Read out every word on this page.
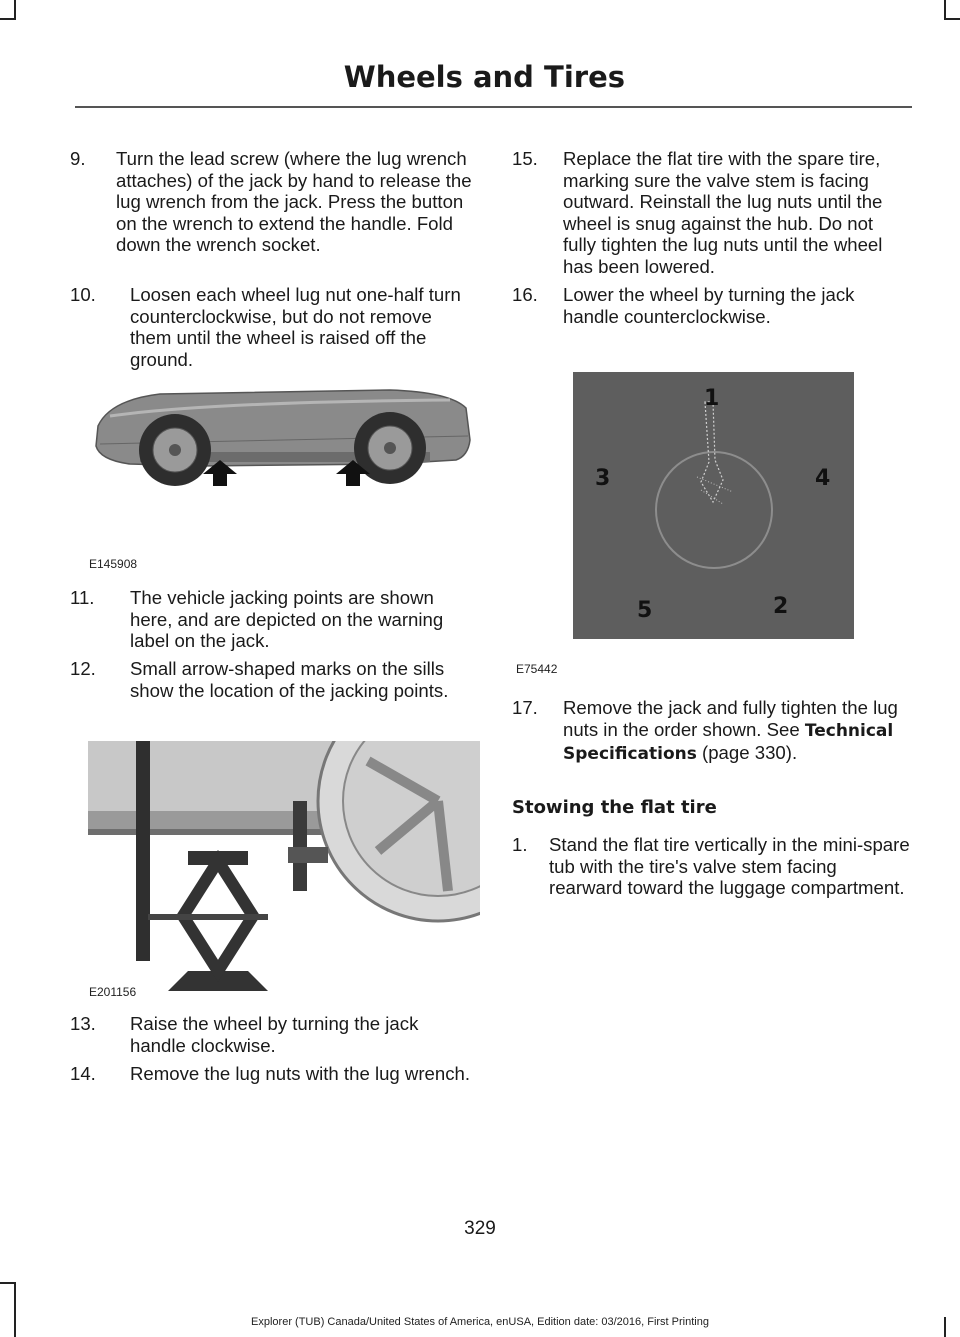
Wheels and Tires
9.	Turn the lead screw (where the lug wrench attaches) of the jack by hand to release the lug wrench from the jack. Press the button on the wrench to extend the handle. Fold down the wrench socket.
10.	Loosen each wheel lug nut one-half turn counterclockwise, but do not remove them until the wheel is raised off the ground.
E145908
11.	The vehicle jacking points are shown here, and are depicted on the warning label on the jack.
12.	Small arrow-shaped marks on the sills show the location of the jacking points.
E201156
13.	Raise the wheel by turning the jack handle clockwise.
14.	Remove the lug nuts with the lug wrench.
15.	Replace the flat tire with the spare tire, marking sure the valve stem is facing outward. Reinstall the lug nuts until the wheel is snug against the hub. Do not fully tighten the lug nuts until the wheel has been lowered.
16.	Lower the wheel by turning the jack handle counterclockwise.
1
2
3	4
5
E75442
17.	Remove the jack and fully tighten the lug nuts in the order shown. See Technical Specifications (page 330).
Stowing the flat tire
1.	Stand the flat tire vertically in the mini-spare tub with the tire's valve stem facing rearward toward the luggage compartment.
329
Explorer (TUB) Canada/United States of America, enUSA, Edition date: 03/2016, First Printing
